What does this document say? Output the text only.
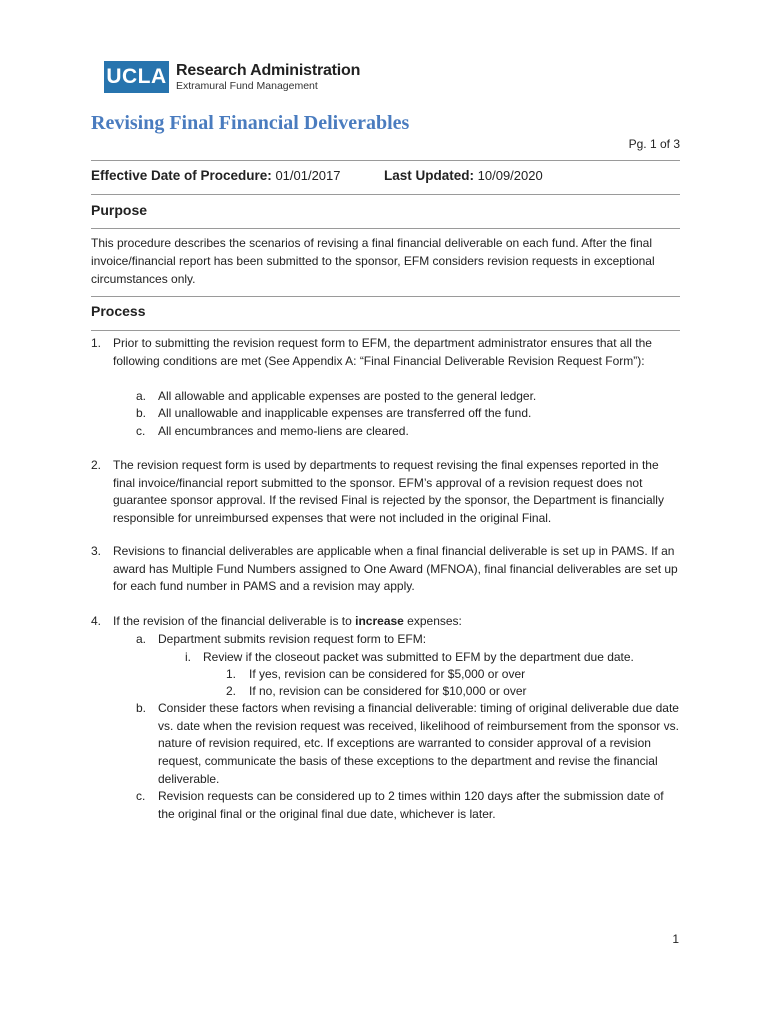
UCLA Research Administration
Extramural Fund Management
Revising Final Financial Deliverables
Pg. 1 of 3
Effective Date of Procedure: 01/01/2017	Last Updated: 10/09/2020
Purpose
This procedure describes the scenarios of revising a final financial deliverable on each fund. After the final invoice/financial report has been submitted to the sponsor, EFM considers revision requests in exceptional circumstances only.
Process
1. Prior to submitting the revision request form to EFM, the department administrator ensures that all the following conditions are met (See Appendix A: “Final Financial Deliverable Revision Request Form”):
a. All allowable and applicable expenses are posted to the general ledger.
b. All unallowable and inapplicable expenses are transferred off the fund.
c. All encumbrances and memo-liens are cleared.
2. The revision request form is used by departments to request revising the final expenses reported in the final invoice/financial report submitted to the sponsor. EFM’s approval of a revision request does not guarantee sponsor approval. If the revised Final is rejected by the sponsor, the Department is financially responsible for unreimbursed expenses that were not included in the original Final.
3. Revisions to financial deliverables are applicable when a final financial deliverable is set up in PAMS. If an award has Multiple Fund Numbers assigned to One Award (MFNOA), final financial deliverables are set up for each fund number in PAMS and a revision may apply.
4. If the revision of the financial deliverable is to increase expenses:
a. Department submits revision request form to EFM:
i. Review if the closeout packet was submitted to EFM by the department due date.
1. If yes, revision can be considered for $5,000 or over
2. If no, revision can be considered for $10,000 or over
b. Consider these factors when revising a financial deliverable: timing of original deliverable due date vs. date when the revision request was received, likelihood of reimbursement from the sponsor vs. nature of revision required, etc. If exceptions are warranted to consider approval of a revision request, communicate the basis of these exceptions to the department and revise the financial deliverable.
c. Revision requests can be considered up to 2 times within 120 days after the submission date of the original final or the original final due date, whichever is later.
1
